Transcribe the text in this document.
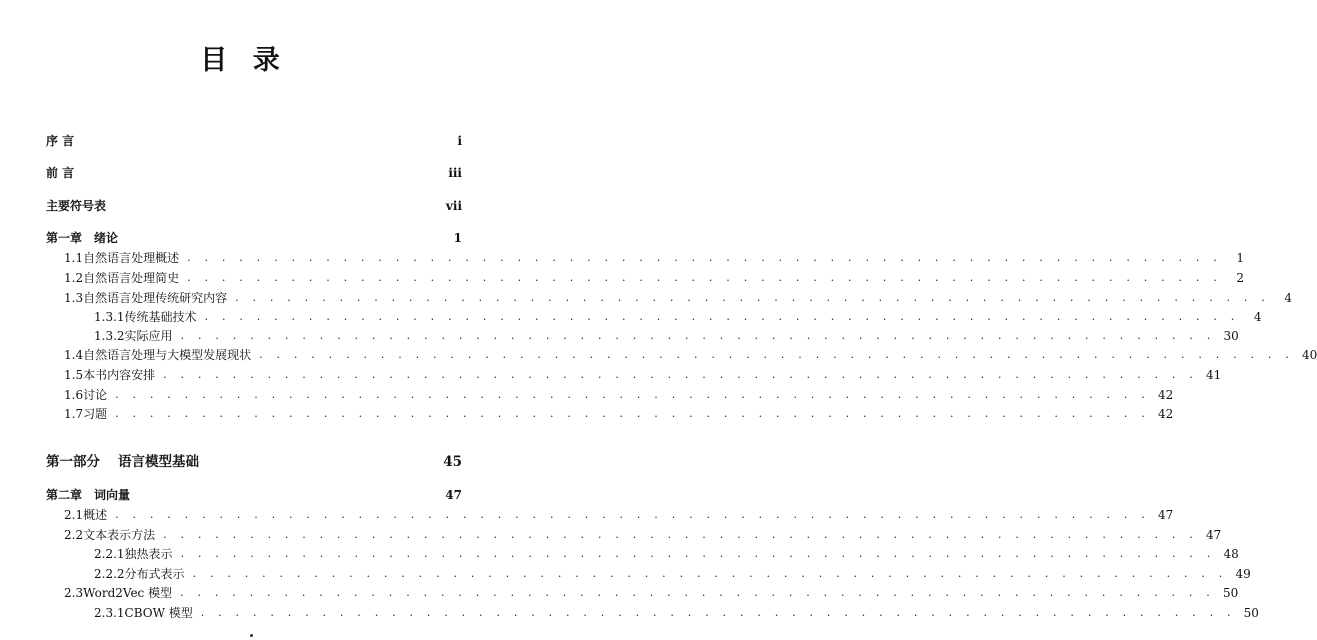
目 录
序 言	i
前 言	iii
主要符号表	vii
第一章 绪论	1
1.1 自然语言处理概述 . . . . . . . . . . . . . . . . . . . . . . . . . . . . . . . . . . . . . . . . . . . . . . . . . . . . . . . . . . . .	1
1.2 自然语言处理简史 . . . . . . . . . . . . . . . . . . . . . . . . . . . . . . . . . . . . . . . . . . . . . . . . . . . . . . . . . . . .	2
1.3 自然语言处理传统研究内容 . . . . . . . . . . . . . . . . . . . . . . . . . . . . . . . . . . . . . . . . . . . . . . . . . . . . . . . . . . . .	4
1.3.1 传统基础技术 . . . . . . . . . . . . . . . . . . . . . . . . . . . . . . . . . . . . . . . . . . . . . . . . . . . . . . . . . . . .	4
1.3.2 实际应用 . . . . . . . . . . . . . . . . . . . . . . . . . . . . . . . . . . . . . . . . . . . . . . . . . . . . . . . . . . . . 30
1.4 自然语言处理与大模型发展现状 . . . . . . . . . . . . . . . . . . . . . . . . . . . . . . . . . . . . . . . . . . . . . . . . . . . . . . . . . . . . 40
1.5 本书内容安排 . . . . . . . . . . . . . . . . . . . . . . . . . . . . . . . . . . . . . . . . . . . . . . . . . . . . . . . . . . . . 41
1.6 讨论 . . . . . . . . . . . . . . . . . . . . . . . . . . . . . . . . . . . . . . . . . . . . . . . . . . . . . . . . . . . . 42
1.7 习题 . . . . . . . . . . . . . . . . . . . . . . . . . . . . . . . . . . . . . . . . . . . . . . . . . . . . . . . . . . . . 42
第一部分	语言模型基础	45
第二章 词向量	47
2.1 概述 . . . . . . . . . . . . . . . . . . . . . . . . . . . . . . . . . . . . . . . . . . . . . . . . . . . . . . . . . . . . 47
2.2 文本表示方法 . . . . . . . . . . . . . . . . . . . . . . . . . . . . . . . . . . . . . . . . . . . . . . . . . . . . . . . . . . . . 47
2.2.1 独热表示 . . . . . . . . . . . . . . . . . . . . . . . . . . . . . . . . . . . . . . . . . . . . . . . . . . . . . . . . . . . . 48
2.2.2 分布式表示 . . . . . . . . . . . . . . . . . . . . . . . . . . . . . . . . . . . . . . . . . . . . . . . . . . . . . . . . . . . . 49
2.3 Word2Vec 模型 . . . . . . . . . . . . . . . . . . . . . . . . . . . . . . . . . . . . . . . . . . . . . . . . . . . . . . . . . . . . 50
2.3.1 CBOW 模型 . . . . . . . . . . . . . . . . . . . . . . . . . . . . . . . . . . . . . . . . . . . . . . . . . . . . . . . . . . . . 50
